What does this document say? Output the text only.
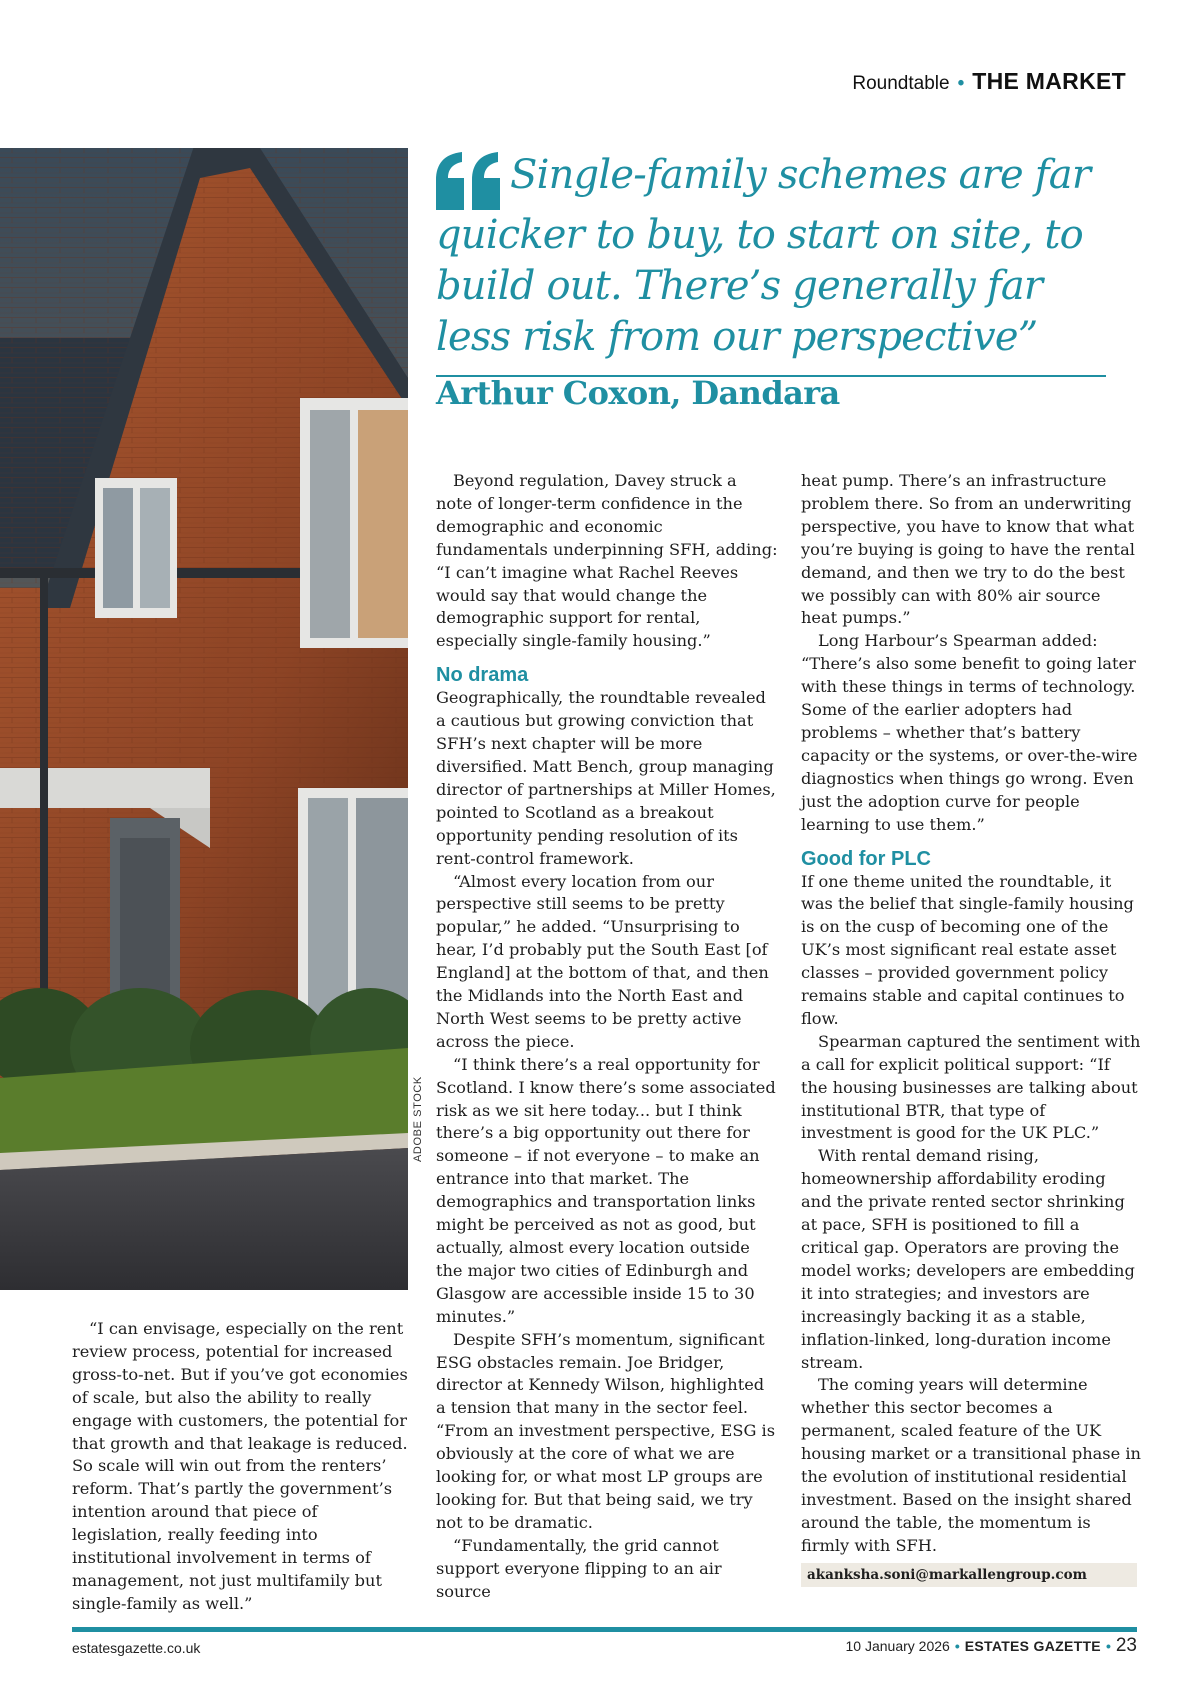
Roundtable • THE MARKET
ADOBE STOCK
Single-family schemes are far quicker to buy, to start on site, to build out. There’s generally far less risk from our perspective”
Arthur Coxon, Dandara

“I can envisage, especially on the rent review process, potential for increased gross-to-net. But if you’ve got economies of scale, but also the ability to really engage with customers, the potential for that growth and that leakage is reduced. So scale will win out from the renters’ reform. That’s partly the government’s intention around that piece of legislation, really feeding into institutional involvement in terms of management, not just multifamily but single-family as well.”

Beyond regulation, Davey struck a note of longer-term confidence in the demographic and economic fundamentals underpinning SFH, adding: “I can’t imagine what Rachel Reeves would say that would change the demographic support for rental, especially single-family housing.”

No drama

Geographically, the roundtable revealed a cautious but growing conviction that SFH’s next chapter will be more diversified. Matt Bench, group managing director of partnerships at Miller Homes, pointed to Scotland as a breakout opportunity pending resolution of its rent-control framework.

“Almost every location from our perspective still seems to be pretty popular,” he added. “Unsurprising to hear, I’d probably put the South East [of England] at the bottom of that, and then the Midlands into the North East and North West seems to be pretty active across the piece.

“I think there’s a real opportunity for Scotland. I know there’s some associated risk as we sit here today... but I think there’s a big opportunity out there for someone – if not everyone – to make an entrance into that market. The demographics and transportation links might be perceived as not as good, but actually, almost every location outside the major two cities of Edinburgh and Glasgow are accessible inside 15 to 30 minutes.”

Despite SFH’s momentum, significant ESG obstacles remain. Joe Bridger, director at Kennedy Wilson, highlighted a tension that many in the sector feel. “From an investment perspective, ESG is obviously at the core of what we are looking for, or what most LP groups are looking for. But that being said, we try not to be dramatic.

“Fundamentally, the grid cannot support everyone flipping to an air source

heat pump. There’s an infrastructure problem there. So from an underwriting perspective, you have to know that what you’re buying is going to have the rental demand, and then we try to do the best we possibly can with 80% air source heat pumps.”

Long Harbour’s Spearman added: “There’s also some benefit to going later with these things in terms of technology. Some of the earlier adopters had problems – whether that’s battery capacity or the systems, or over-the-wire diagnostics when things go wrong. Even just the adoption curve for people learning to use them.”

Good for PLC

If one theme united the roundtable, it was the belief that single-family housing is on the cusp of becoming one of the UK’s most significant real estate asset classes – provided government policy remains stable and capital continues to flow.

Spearman captured the sentiment with a call for explicit political support: “If the housing businesses are talking about institutional BTR, that type of investment is good for the UK PLC.”

With rental demand rising, homeownership affordability eroding and the private rented sector shrinking at pace, SFH is positioned to fill a critical gap. Operators are proving the model works; developers are embedding it into strategies; and investors are increasingly backing it as a stable, inflation-linked, long-duration income stream.

The coming years will determine whether this sector becomes a permanent, scaled feature of the UK housing market or a transitional phase in the evolution of institutional residential investment. Based on the insight shared around the table, the momentum is firmly with SFH.

akanksha.soni@markallengroup.com
estatesgazette.co.uk	10 January 2026 • ESTATES GAZETTE • 23
